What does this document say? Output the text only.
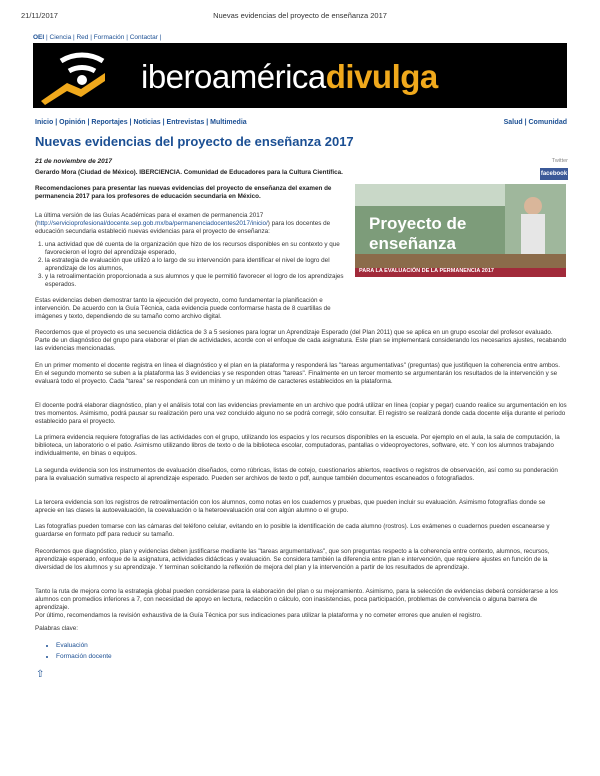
21/11/2017	Nuevas evidencias del proyecto de enseñanza 2017
OEI | Ciencia | Red | Formación | Contactar |
iberoaméricadivulga
Inicio | Opinión | Reportajes | Noticias | Entrevistas | Multimedia	Salud | Comunidad
Nuevas evidencias del proyecto de enseñanza 2017
21 de noviembre de 2017	Twitter
facebook
Proyecto de
enseñanza
PARA LA EVALUACIÓN DE LA PERMANENCIA 2017
Gerardo Mora (Ciudad de México). IBERCIENCIA. Comunidad de Educadores para la Cultura Científica.
Recomendaciones para presentar las nuevas evidencias del proyecto de enseñanza del examen de permanencia 2017 para los profesores de educación secundaria en México.
La última versión de las Guías Académicas para el examen de permanencia 2017 (http://servicioprofesional/docente.sep.gob.mx/ba/permanenciadocentes2017/inicio/) para los docentes de educación secundaria estableció nuevas evidencias para el proyecto de enseñanza:
1. una actividad que dé cuenta de la organización que hizo de los recursos disponibles en su contexto y que favorecieron el logro del aprendizaje esperado,
2. la estrategia de evaluación que utilizó a lo largo de su intervención para identificar el nivel de logro del aprendizaje de los alumnos,
3. y la retroalimentación proporcionada a sus alumnos y que le permitió favorecer el logro de los aprendizajes esperados.
Estas evidencias deben demostrar tanto la ejecución del proyecto, como fundamentar la planificación e intervención. De acuerdo con la Guía Técnica, cada evidencia puede conformarse hasta de 8 cuartillas de imágenes y texto, dependiendo de su tamaño como archivo digital.
Recordemos que el proyecto es una secuencia didáctica de 3 a 5 sesiones para lograr un Aprendizaje Esperado (del Plan 2011) que se aplica en un grupo escolar del profesor evaluado. Parte de un diagnóstico del grupo para elaborar el plan de actividades, acorde con el enfoque de cada asignatura. Este plan se implementará considerando los necesarios ajustes, recabando las evidencias mencionadas.
En un primer momento el docente registra en línea el diagnóstico y el plan en la plataforma y responderá las "tareas argumentativas" (preguntas) que justifiquen la coherencia entre ambos. En el segundo momento se suben a la plataforma las 3 evidencias y se responden otras "tareas". Finalmente en un tercer momento se argumentarán los resultados de la intervención y se evaluará todo el proyecto. Cada "tarea" se responderá con un mínimo y un máximo de caracteres establecidos en la plataforma.
El docente podrá elaborar diagnóstico, plan y el análisis total con las evidencias previamente en un archivo que podrá utilizar en línea (copiar y pegar) cuando realice su argumentación en los tres momentos. Asimismo, podrá pausar su realización pero una vez concluido alguno no se podrá corregir, sólo consultar. El registro se realizará donde cada docente elija durante el periodo establecido para el proyecto.
La primera evidencia requiere fotografías de las actividades con el grupo, utilizando los espacios y los recursos disponibles en la escuela. Por ejemplo en el aula, la sala de computación, la biblioteca, un laboratorio o el patio. Asimismo utilizando libros de texto o de la biblioteca escolar, computadoras, pantallas o videoproyectores, software, etc. Y con los alumnos trabajando individualmente, en binas o equipos.
La segunda evidencia son los instrumentos de evaluación diseñados, como rúbricas, listas de cotejo, cuestionarios abiertos, reactivos o registros de observación, así como su ponderación para la evaluación sumativa respecto al aprendizaje esperado. Pueden ser archivos de texto o pdf, aunque también documentos escaneados o fotografiados.
La tercera evidencia son los registros de retroalimentación con los alumnos, como notas en los cuadernos y pruebas, que pueden incluir su evaluación. Asimismo fotografías donde se aprecie en las clases la autoevaluación, la coevaluación o la heteroevaluación oral con algún alumno o el grupo.
Las fotografías pueden tomarse con las cámaras del teléfono celular, evitando en lo posible la identificación de cada alumno (rostros). Los exámenes o cuadernos pueden escanearse y guardarse en formato pdf para reducir su tamaño.
Recordemos que diagnóstico, plan y evidencias deben justificarse mediante las "tareas argumentativas", que son preguntas respecto a la coherencia entre contexto, alumnos, recursos, aprendizaje esperado, enfoque de la asignatura, actividades didácticas y evaluación. Se considera también la diferencia entre plan e intervención, que requiere ajustes en función de la diversidad de los alumnos y su aprendizaje. Y terminan solicitando la reflexión de mejora del plan y la intervención a partir de los resultados de aprendizaje.
Tanto la ruta de mejora como la estrategia global pueden considerase para la elaboración del plan o su mejoramiento. Asimismo, para la selección de evidencias deberá considerarse a los alumnos con promedios inferiores a 7, con necesidad de apoyo en lectura, redacción o cálculo, con inasistencias, poca participación, problemas de convivencia o alguna barrera de aprendizaje.
Por último, recomendamos la revisión exhaustiva de la Guía Técnica por sus indicaciones para utilizar la plataforma y no cometer errores que anulen el registro.
Palabras clave:
• Evaluación
• Formación docente
⇧
